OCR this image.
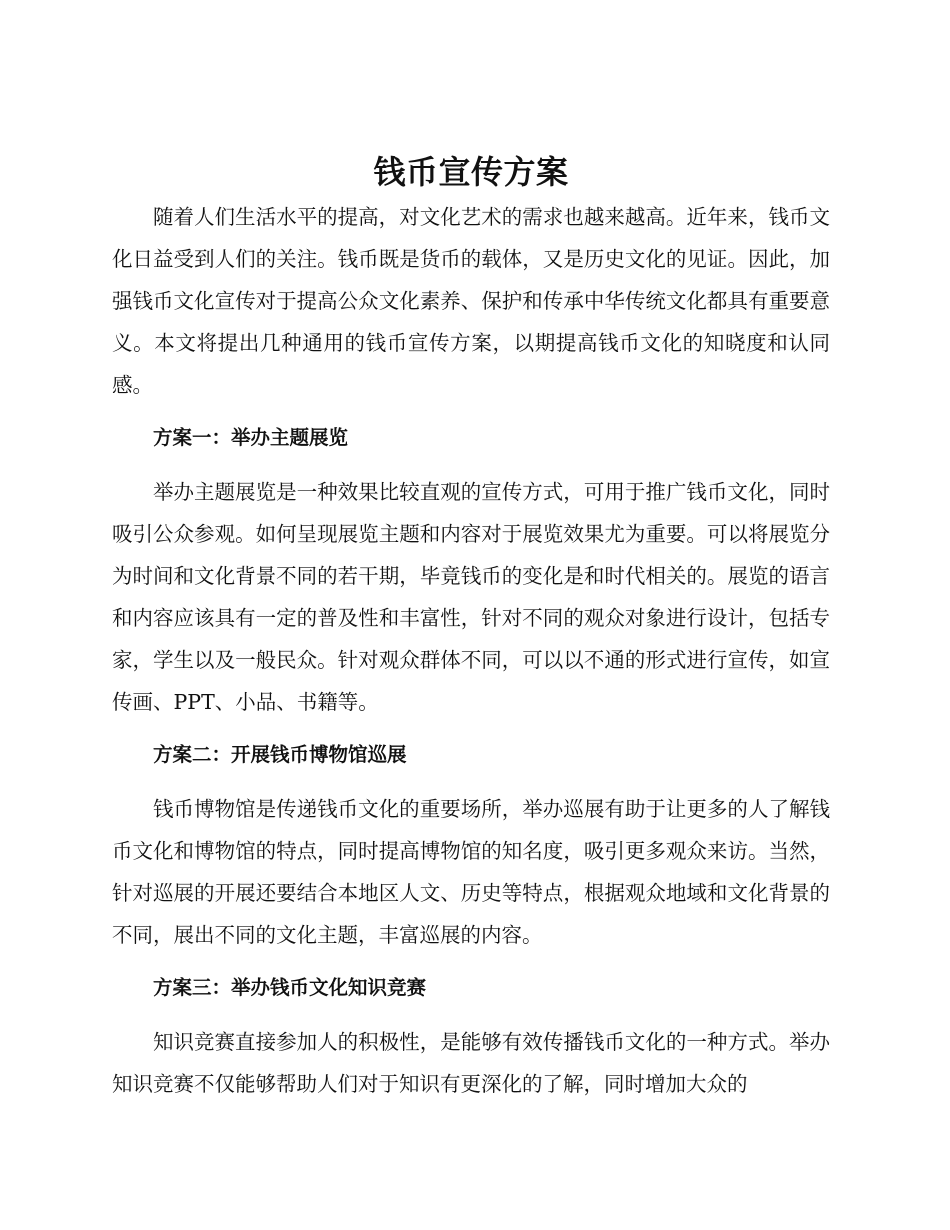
钱币宣传方案

随着人们生活水平的提高，对文化艺术的需求也越来越高。近年来，钱币文化日益受到人们的关注。钱币既是货币的载体，又是历史文化的见证。因此，加强钱币文化宣传对于提高公众文化素养、保护和传承中华传统文化都具有重要意义。本文将提出几种通用的钱币宣传方案，以期提高钱币文化的知晓度和认同感。

方案一：举办主题展览

举办主题展览是一种效果比较直观的宣传方式，可用于推广钱币文化，同时吸引公众参观。如何呈现展览主题和内容对于展览效果尤为重要。可以将展览分为时间和文化背景不同的若干期，毕竟钱币的变化是和时代相关的。展览的语言和内容应该具有一定的普及性和丰富性，针对不同的观众对象进行设计，包括专家，学生以及一般民众。针对观众群体不同，可以以不通的形式进行宣传，如宣传画、PPT、小品、书籍等。

方案二：开展钱币博物馆巡展

钱币博物馆是传递钱币文化的重要场所，举办巡展有助于让更多的人了解钱币文化和博物馆的特点，同时提高博物馆的知名度，吸引更多观众来访。当然，针对巡展的开展还要结合本地区人文、历史等特点，根据观众地域和文化背景的不同，展出不同的文化主题，丰富巡展的内容。

方案三：举办钱币文化知识竞赛

知识竞赛直接参加人的积极性，是能够有效传播钱币文化的一种方式。举办知识竞赛不仅能够帮助人们对于知识有更深化的了解，同时增加大众的
